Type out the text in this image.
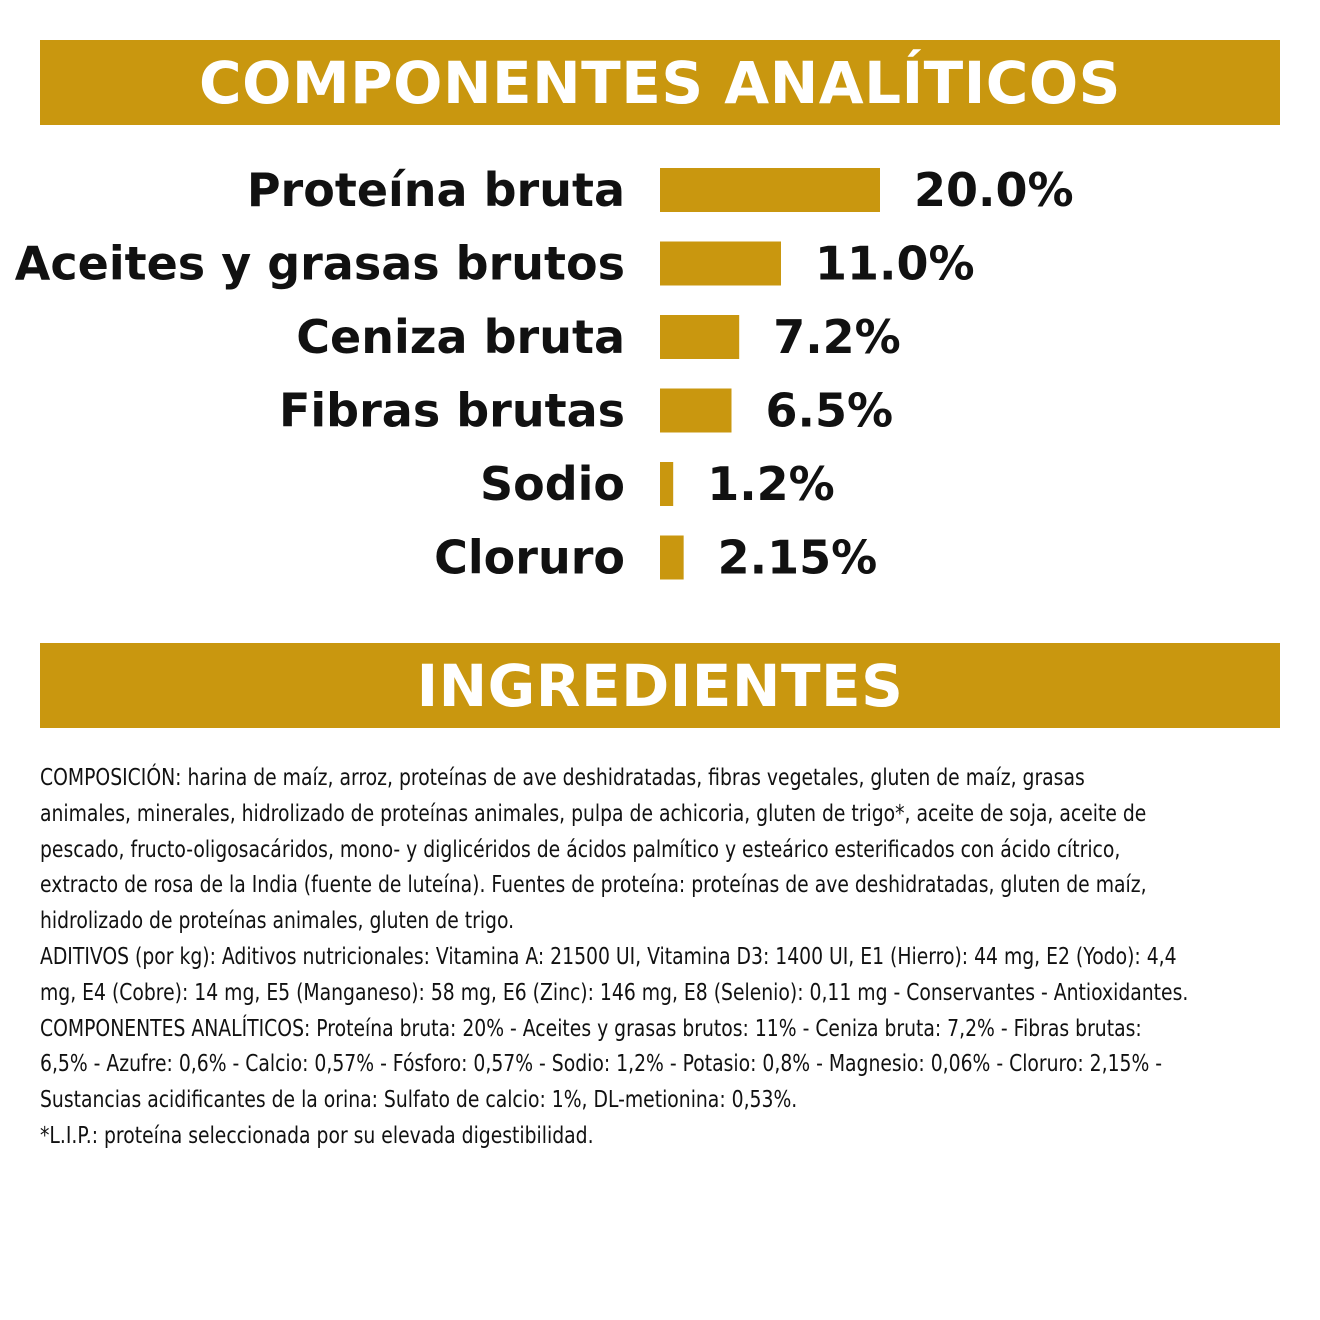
COMPONENTES ANALÍTICOS
Proteína bruta	20.0%
Aceites y grasas brutos	11.0%
Ceniza bruta	7.2%
Fibras brutas	6.5%
Sodio 1.2%
Cloruro 2.15%
INGREDIENTES

COMPOSICIÓN: harina de maíz, arroz, proteínas de ave deshidratadas, fibras vegetales, gluten de maíz, grasas

animales, minerales, hidrolizado de proteínas animales, pulpa de achicoria, gluten de trigo*, aceite de soja, aceite de

pescado, fructo-oligosacáridos, mono- y diglicéridos de ácidos palmítico y esteárico esterificados con ácido cítrico,

extracto de rosa de la India (fuente de luteína). Fuentes de proteína: proteínas de ave deshidratadas, gluten de maíz,

hidrolizado de proteínas animales, gluten de trigo.

ADITIVOS (por kg): Aditivos nutricionales: Vitamina A: 21500 UI, Vitamina D3: 1400 UI, E1 (Hierro): 44 mg, E2 (Yodo): 4,4

mg, E4 (Cobre): 14 mg, E5 (Manganeso): 58 mg, E6 (Zinc): 146 mg, E8 (Selenio): 0,11 mg - Conservantes - Antioxidantes.

COMPONENTES ANALÍTICOS: Proteína bruta: 20% - Aceites y grasas brutos: 11% - Ceniza bruta: 7,2% - Fibras brutas:

6,5% - Azufre: 0,6% - Calcio: 0,57% - Fósforo: 0,57% - Sodio: 1,2% - Potasio: 0,8% - Magnesio: 0,06% - Cloruro: 2,15% -

Sustancias acidificantes de la orina: Sulfato de calcio: 1%, DL-metionina: 0,53%.

*L.I.P.: proteína seleccionada por su elevada digestibilidad.
